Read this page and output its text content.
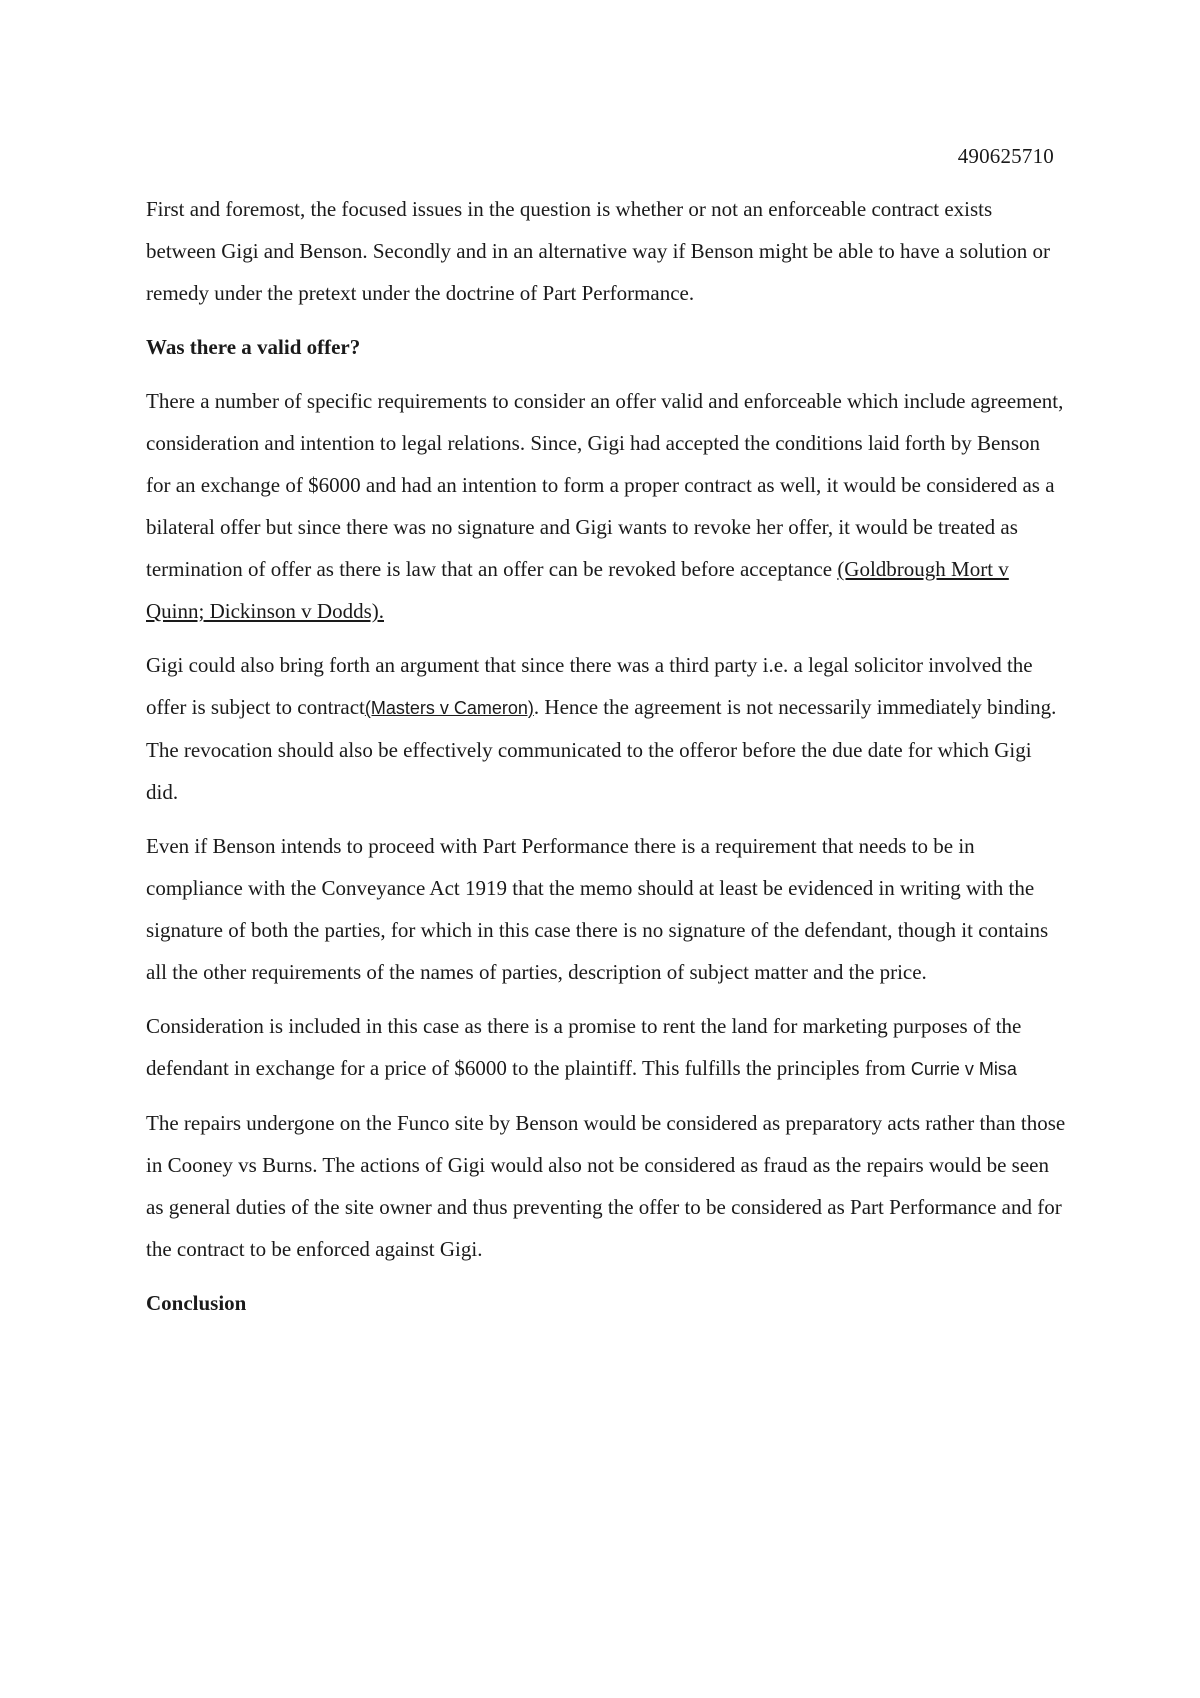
490625710

First and foremost, the focused issues in the question is whether or not an enforceable contract exists between Gigi and Benson. Secondly and in an alternative way if Benson might be able to have a solution or remedy under the pretext under the doctrine of Part Performance.

Was there a valid offer?

There a number of specific requirements to consider an offer valid and enforceable which include agreement, consideration and intention to legal relations. Since, Gigi had accepted the conditions laid forth by Benson for an exchange of $6000 and had an intention to form a proper contract as well, it would be considered as a bilateral offer but since there was no signature and Gigi wants to revoke her offer, it would be treated as termination of offer as there is law that an offer can be revoked before acceptance (Goldbrough Mort v Quinn; Dickinson v Dodds).

Gigi could also bring forth an argument that since there was a third party i.e. a legal solicitor involved the offer is subject to contract(Masters v Cameron). Hence the agreement is not necessarily immediately binding. The revocation should also be effectively communicated to the offeror before the due date for which Gigi did.

Even if Benson intends to proceed with Part Performance there is a requirement that needs to be in compliance with the Conveyance Act 1919 that the memo should at least be evidenced in writing with the signature of both the parties, for which in this case there is no signature of the defendant, though it contains all the other requirements of the names of parties, description of subject matter and the price.

Consideration is included in this case as there is a promise to rent the land for marketing purposes of the defendant in exchange for a price of $6000 to the plaintiff. This fulfills the principles from Currie v Misa

The repairs undergone on the Funco site by Benson would be considered as preparatory acts rather than those in Cooney vs Burns. The actions of Gigi would also not be considered as fraud as the repairs would be seen as general duties of the site owner and thus preventing the offer to be considered as Part Performance and for the contract to be enforced against Gigi.

Conclusion
